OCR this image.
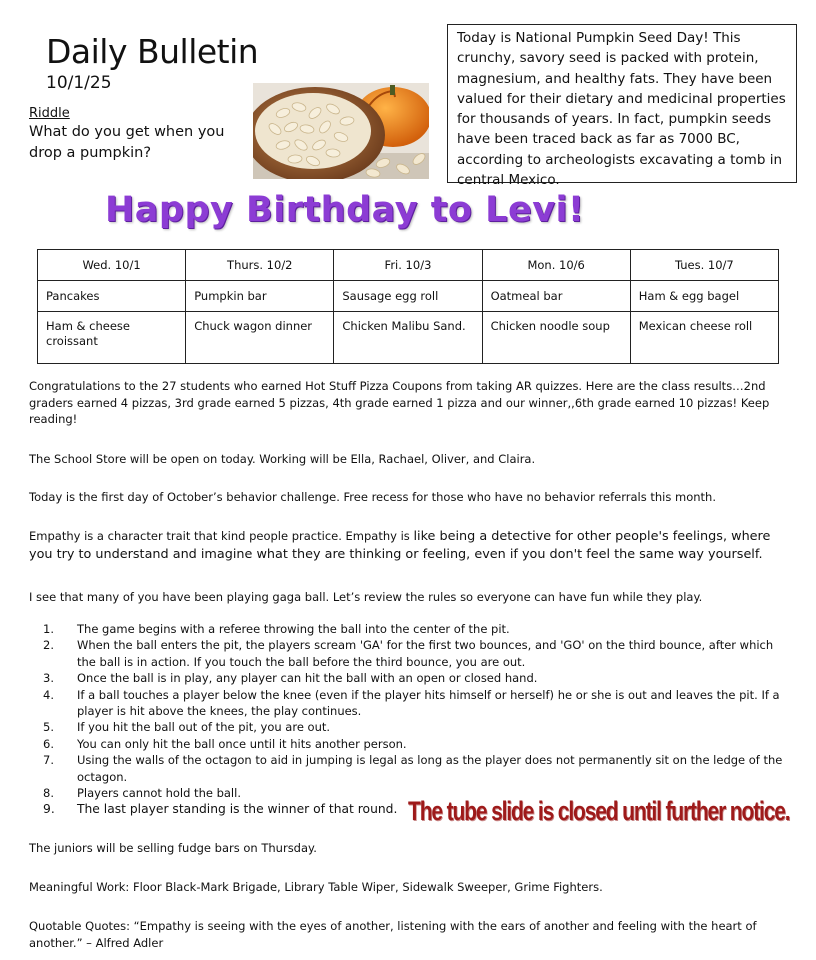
Daily Bulletin
10/1/25
Riddle
What do you get when you drop a pumpkin?
Today is National Pumpkin Seed Day! This crunchy, savory seed is packed with protein, magnesium, and healthy fats. They have been valued for their dietary and medicinal properties for thousands of years. In fact, pumpkin seeds have been traced back as far as 7000 BC, according to archeologists excavating a tomb in central Mexico.
Happy Birthday to Levi!
Wed. 10/1	Thurs. 10/2	Fri. 10/3	Mon. 10/6	Tues. 10/7
Pancakes	Pumpkin bar	Sausage egg roll	Oatmeal bar	Ham & egg bagel
Ham & cheese croissant	Chuck wagon dinner	Chicken Malibu Sand.	Chicken noodle soup	Mexican cheese roll
Congratulations to the 27 students who earned Hot Stuff Pizza Coupons from taking AR quizzes. Here are the class results…2nd graders earned 4 pizzas, 3rd grade earned 5 pizzas, 4th grade earned 1 pizza and our winner,,6th grade earned 10 pizzas! Keep reading!
The School Store will be open on today. Working will be Ella, Rachael, Oliver, and Claira.
Today is the first day of October’s behavior challenge. Free recess for those who have no behavior referrals this month.
Empathy is a character trait that kind people practice. Empathy is like being a detective for other people's feelings, where you try to understand and imagine what they are thinking or feeling, even if you don't feel the same way yourself.
I see that many of you have been playing gaga ball. Let’s review the rules so everyone can have fun while they play.
1. The game begins with a referee throwing the ball into the center of the pit.
2. When the ball enters the pit, the players scream 'GA' for the first two bounces, and 'GO' on the third bounce, after which the ball is in action. If you touch the ball before the third bounce, you are out.
3. Once the ball is in play, any player can hit the ball with an open or closed hand.
4. If a ball touches a player below the knee (even if the player hits himself or herself) he or she is out and leaves the pit. If a player is hit above the knees, the play continues.
5. If you hit the ball out of the pit, you are out.
6. You can only hit the ball once until it hits another person.
7. Using the walls of the octagon to aid in jumping is legal as long as the player does not permanently sit on the ledge of the octagon.
8. Players cannot hold the ball.
9. The last player standing is the winner of that round. The tube slide is closed until further notice.
The juniors will be selling fudge bars on Thursday.
Meaningful Work: Floor Black-Mark Brigade, Library Table Wiper, Sidewalk Sweeper, Grime Fighters.
Quotable Quotes: “Empathy is seeing with the eyes of another, listening with the ears of another and feeling with the heart of another.” – Alfred Adler
